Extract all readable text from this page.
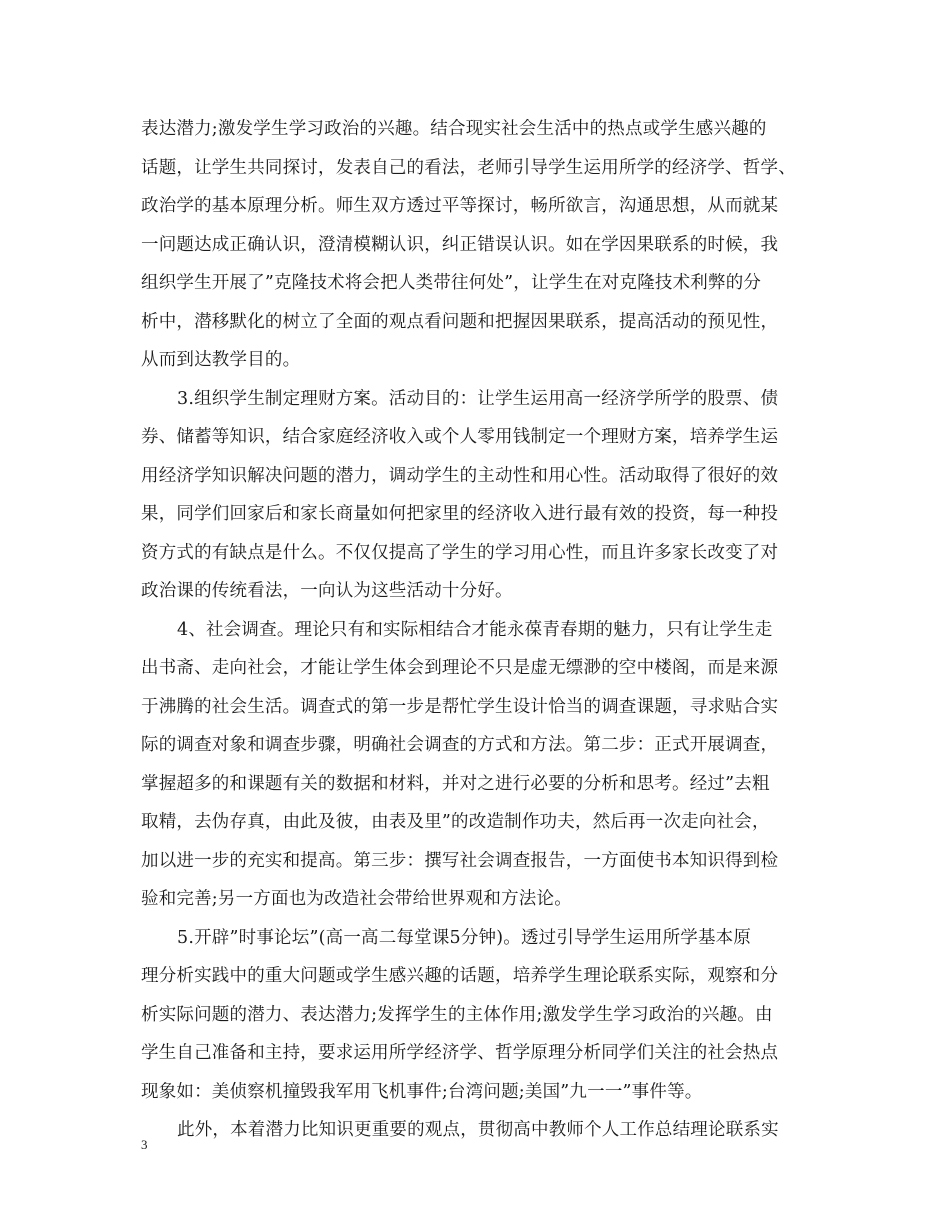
表达潜力;激发学生学习政治的兴趣。结合现实社会生活中的热点或学生感兴趣的
话题，让学生共同探讨，发表自己的看法，老师引导学生运用所学的经济学、哲学、
政治学的基本原理分析。师生双方透过平等探讨，畅所欲言，沟通思想，从而就某
一问题达成正确认识，澄清模糊认识，纠正错误认识。如在学因果联系的时候，我
组织学生开展了”克隆技术将会把人类带往何处”，让学生在对克隆技术利弊的分
析中，潜移默化的树立了全面的观点看问题和把握因果联系，提高活动的预见性，
从而到达教学目的。
3.组织学生制定理财方案。活动目的：让学生运用高一经济学所学的股票、债
券、储蓄等知识，结合家庭经济收入或个人零用钱制定一个理财方案，培养学生运
用经济学知识解决问题的潜力，调动学生的主动性和用心性。活动取得了很好的效
果，同学们回家后和家长商量如何把家里的经济收入进行最有效的投资，每一种投
资方式的有缺点是什么。不仅仅提高了学生的学习用心性，而且许多家长改变了对
政治课的传统看法，一向认为这些活动十分好。
4、社会调查。理论只有和实际相结合才能永葆青春期的魅力，只有让学生走
出书斋、走向社会，才能让学生体会到理论不只是虚无缥渺的空中楼阁，而是来源
于沸腾的社会生活。调查式的第一步是帮忙学生设计恰当的调查课题，寻求贴合实
际的调查对象和调查步骤，明确社会调查的方式和方法。第二步：正式开展调查，
掌握超多的和课题有关的数据和材料，并对之进行必要的分析和思考。经过”去粗
取精，去伪存真，由此及彼，由表及里”的改造制作功夫，然后再一次走向社会，
加以进一步的充实和提高。第三步：撰写社会调查报告，一方面使书本知识得到检
验和完善;另一方面也为改造社会带给世界观和方法论。
5.开辟”时事论坛”(高一高二每堂课5分钟)。透过引导学生运用所学基本原
理分析实践中的重大问题或学生感兴趣的话题，培养学生理论联系实际，观察和分
析实际问题的潜力、表达潜力;发挥学生的主体作用;激发学生学习政治的兴趣。由
学生自己准备和主持，要求运用所学经济学、哲学原理分析同学们关注的社会热点
现象如：美侦察机撞毁我军用飞机事件;台湾问题;美国”九一一”事件等。
此外，本着潜力比知识更重要的观点，贯彻高中教师个人工作总结理论联系实
3
